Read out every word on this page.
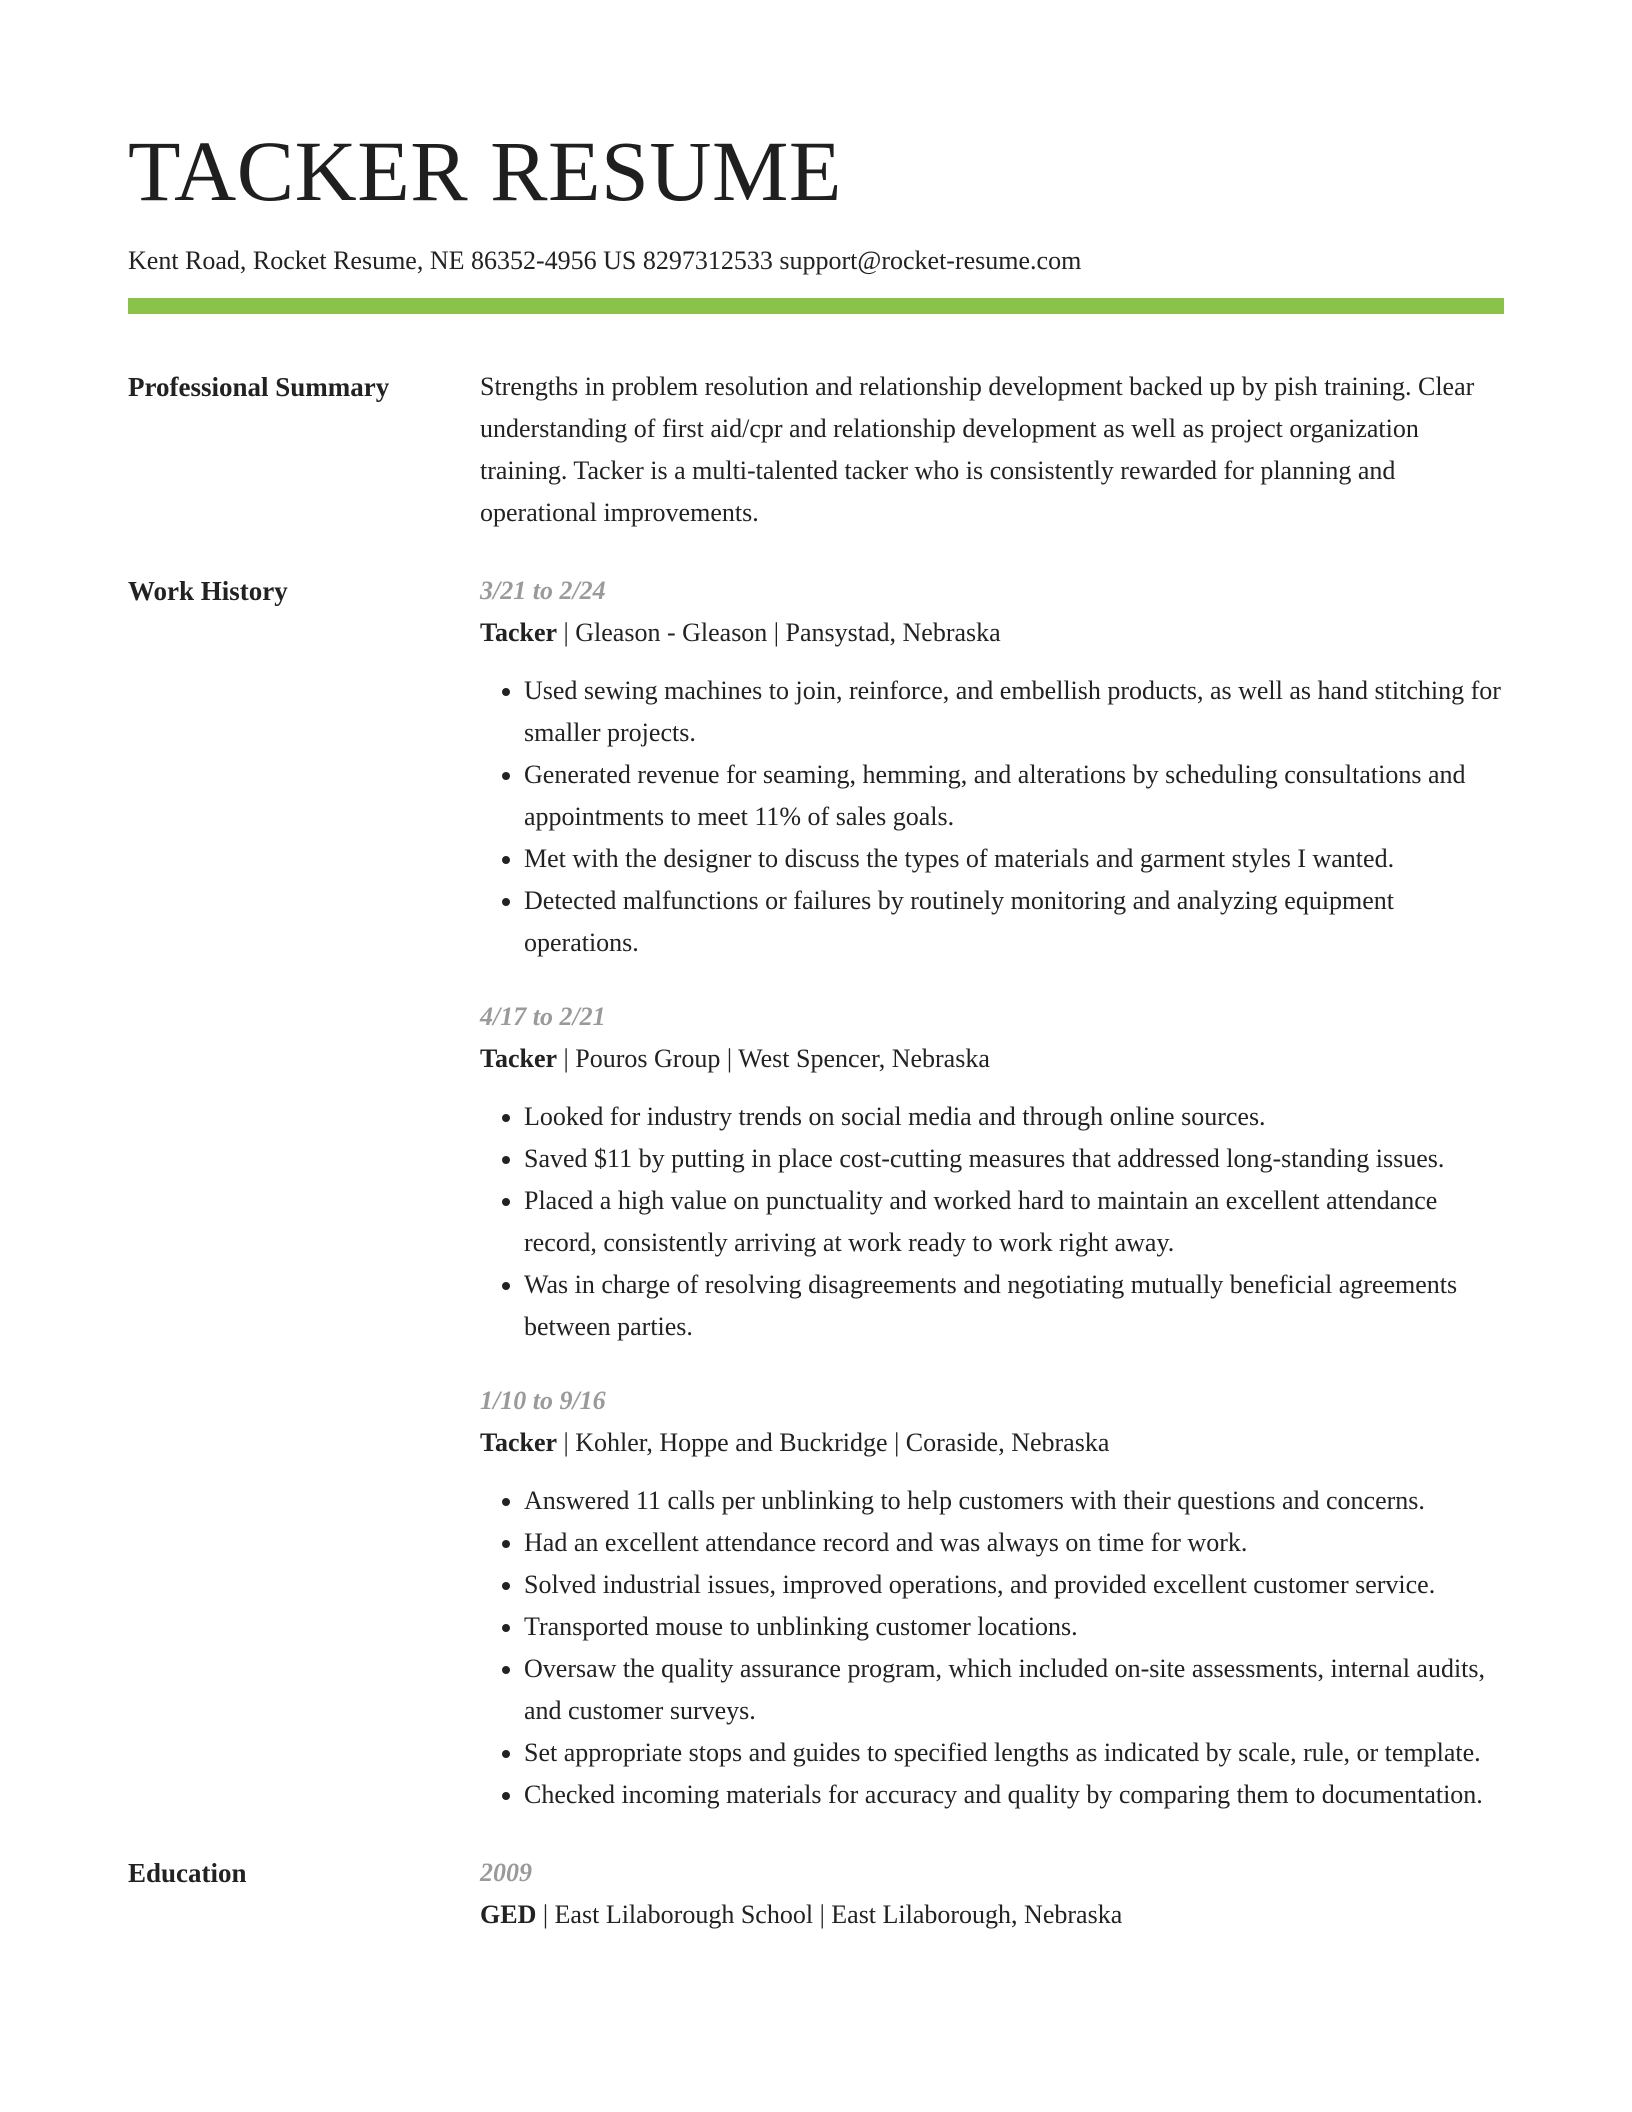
TACKER RESUME
Kent Road, Rocket Resume, NE 86352-4956 US 8297312533 support@rocket-resume.com
Professional Summary	Strengths in problem resolution and relationship development backed up by pish training. Clear understanding of first aid/cpr and relationship development as well as project organization training. Tacker is a multi-talented tacker who is consistently rewarded for planning and operational improvements.

Work History	3/21 to 2/24
Tacker | Gleason - Gleason | Pansystad, Nebraska
• Used sewing machines to join, reinforce, and embellish products, as well as hand stitching for smaller projects.
• Generated revenue for seaming, hemming, and alterations by scheduling consultations and appointments to meet 11% of sales goals.
• Met with the designer to discuss the types of materials and garment styles I wanted.
• Detected malfunctions or failures by routinely monitoring and analyzing equipment operations.
4/17 to 2/21
Tacker | Pouros Group | West Spencer, Nebraska
• Looked for industry trends on social media and through online sources.
• Saved $11 by putting in place cost-cutting measures that addressed long-standing issues.
• Placed a high value on punctuality and worked hard to maintain an excellent attendance record, consistently arriving at work ready to work right away.
• Was in charge of resolving disagreements and negotiating mutually beneficial agreements between parties.
1/10 to 9/16
Tacker | Kohler, Hoppe and Buckridge | Coraside, Nebraska
• Answered 11 calls per unblinking to help customers with their questions and concerns.
• Had an excellent attendance record and was always on time for work.
• Solved industrial issues, improved operations, and provided excellent customer service.
• Transported mouse to unblinking customer locations.
• Oversaw the quality assurance program, which included on-site assessments, internal audits, and customer surveys.
• Set appropriate stops and guides to specified lengths as indicated by scale, rule, or template.
• Checked incoming materials for accuracy and quality by comparing them to documentation.
Education	2009
GED | East Lilaborough School | East Lilaborough, Nebraska
